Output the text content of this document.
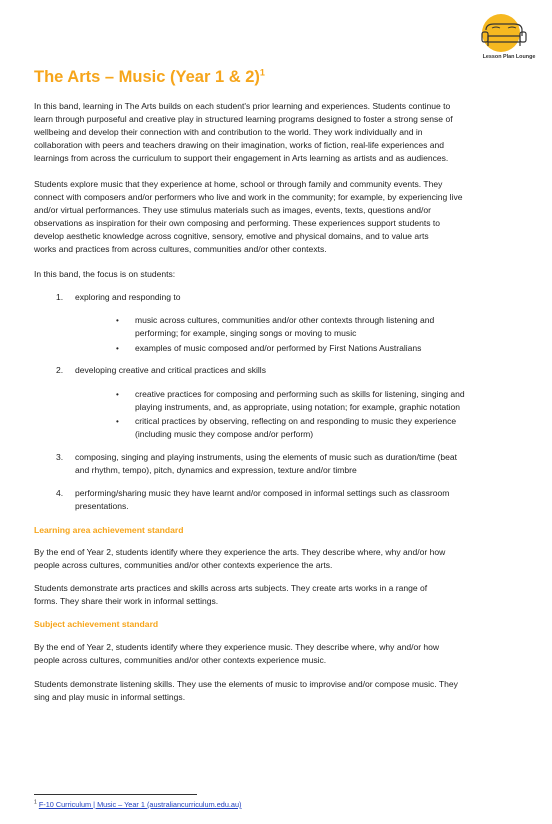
Lesson Plan Lounge
The Arts – Music (Year 1 & 2)$^1$

In this band, learning in The Arts builds on each student's prior learning and experiences. Students continue to
learn through purposeful and creative play in structured learning programs designed to foster a strong sense of
wellbeing and develop their connection with and contribution to the world. They work individually and in
collaboration with peers and teachers drawing on their imagination, works of fiction, real-life experiences and
learnings from across the curriculum to support their engagement in Arts learning as artists and as audiences.

Students explore music that they experience at home, school or through family and community events. They
connect with composers and/or performers who live and work in the community; for example, by experiencing live
and/or virtual performances. They use stimulus materials such as images, events, texts, questions and/or
observations as inspiration for their own composing and performing. These experiences support students to
develop aesthetic knowledge across cognitive, sensory, emotive and physical domains, and to value arts
works and practices from across cultures, communities and/or other contexts.

In this band, the focus is on students:

1. exploring and responding to
• music across cultures, communities and/or other contexts through listening and
performing; for example, singing songs or moving to music
• examples of music composed and/or performed by First Nations Australians
2. developing creative and critical practices and skills
• creative practices for composing and performing such as skills for listening, singing and
playing instruments, and, as appropriate, using notation; for example, graphic notation
• critical practices by observing, reflecting on and responding to music they experience
(including music they compose and/or perform)
3. composing, singing and playing instruments, using the elements of music such as duration/time (beat
and rhythm, tempo), pitch, dynamics and expression, texture and/or timbre
4. performing/sharing music they have learnt and/or composed in informal settings such as classroom
presentations.
Learning area achievement standard

By the end of Year 2, students identify where they experience the arts. They describe where, why and/or how
people across cultures, communities and/or other contexts experience the arts.

Students demonstrate arts practices and skills across arts subjects. They create arts works in a range of
forms. They share their work in informal settings.

Subject achievement standard

By the end of Year 2, students identify where they experience music. They describe where, why and/or how
people across cultures, communities and/or other contexts experience music.

Students demonstrate listening skills. They use the elements of music to improvise and/or compose music. They
sing and play music in informal settings.

$^1$ F-10 Curriculum | Music – Year 1 (australiancurriculum.edu.au)
